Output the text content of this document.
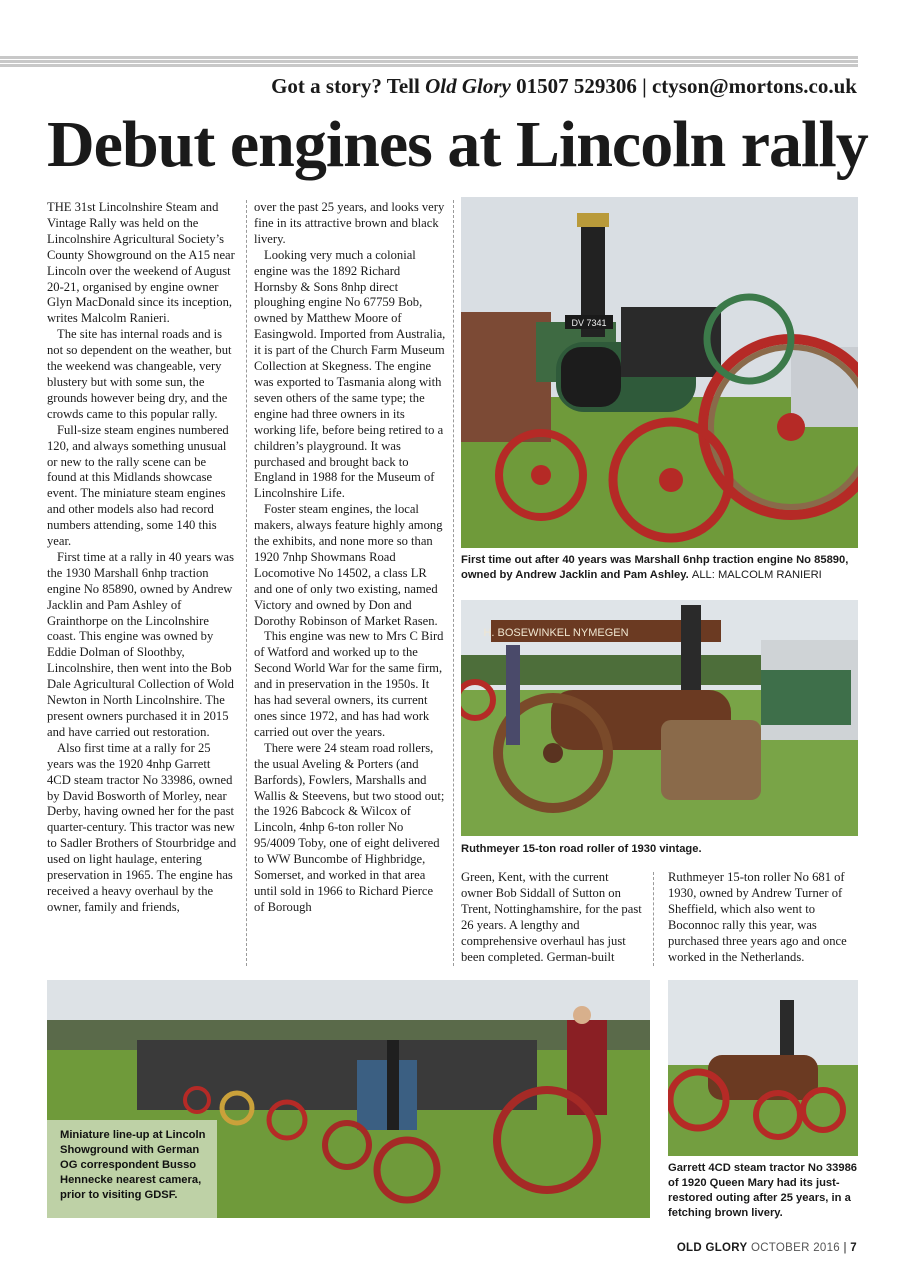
Got a story? Tell Old Glory 01507 529306 | ctyson@mortons.co.uk
Debut engines at Lincoln rally

THE 31st Lincolnshire Steam and Vintage Rally was held on the Lincolnshire Agricultural Society’s County Showground on the A15 near Lincoln over the weekend of August 20-21, organised by engine owner Glyn MacDonald since its inception, writes Malcolm Ranieri.

The site has internal roads and is not so dependent on the weather, but the weekend was changeable, very blustery but with some sun, the grounds however being dry, and the crowds came to this popular rally.

Full-size steam engines numbered 120, and always something unusual or new to the rally scene can be found at this Midlands showcase event. The miniature steam engines and other models also had record numbers attending, some 140 this year.

First time at a rally in 40 years was the 1930 Marshall 6nhp traction engine No 85890, owned by Andrew Jacklin and Pam Ashley of Grainthorpe on the Lincolnshire coast. This engine was owned by Eddie Dolman of Sloothby, Lincolnshire, then went into the Bob Dale Agricultural Collection of Wold Newton in North Lincolnshire. The present owners purchased it in 2015 and have carried out restoration.

Also first time at a rally for 25 years was the 1920 4nhp Garrett 4CD steam tractor No 33986, owned by David Bosworth of Morley, near Derby, having owned her for the past quarter-century. This tractor was new to Sadler Brothers of Stourbridge and used on light haulage, entering preservation in 1965. The engine has received a heavy overhaul by the owner, family and friends,

over the past 25 years, and looks very fine in its attractive brown and black livery.

Looking very much a colonial engine was the 1892 Richard Hornsby & Sons 8nhp direct ploughing engine No 67759 Bob, owned by Matthew Moore of Easingwold. Imported from Australia, it is part of the Church Farm Museum Collection at Skegness. The engine was exported to Tasmania along with seven others of the same type; the engine had three owners in its working life, before being retired to a children’s playground. It was purchased and brought back to England in 1988 for the Museum of Lincolnshire Life.

Foster steam engines, the local makers, always feature highly among the exhibits, and none more so than 1920 7nhp Showmans Road Locomotive No 14502, a class LR and one of only two existing, named Victory and owned by Don and Dorothy Robinson of Market Rasen.

This engine was new to Mrs C Bird of Watford and worked up to the Second World War for the same firm, and in preservation in the 1950s. It has had several owners, its current ones since 1972, and has had work carried out over the years.

There were 24 steam road rollers, the usual Aveling & Porters (and Barfords), Fowlers, Marshalls and Wallis & Steevens, but two stood out; the 1926 Babcock & Wilcox of Lincoln, 4nhp 6-ton roller No 95/4009 Toby, one of eight delivered to WW Buncombe of Highbridge, Somerset, and worked in that area until sold in 1966 to Richard Pierce of Borough

DV 7341
First time out after 40 years was Marshall 6nhp traction engine No 85890, owned by Andrew Jacklin and Pam Ashley. ALL: MALCOLM RANIERI
H. BOSEWINKEL NYMEGEN
Ruthmeyer 15-ton road roller of 1930 vintage.

Green, Kent, with the current owner Bob Siddall of Sutton on Trent, Nottinghamshire, for the past 26 years. A lengthy and comprehensive overhaul has just been completed. German-built

Ruthmeyer 15-ton roller No 681 of 1930, owned by Andrew Turner of Sheffield, which also went to Boconnoc rally this year, was purchased three years ago and once worked in the Netherlands.

Miniature line-up at Lincoln Showground with German OG correspondent Busso Hennecke nearest camera, prior to visiting GDSF.
Garrett 4CD steam tractor No 33986 of 1920 Queen Mary had its just-restored outing after 25 years, in a fetching brown livery.
OLD GLORY OCTOBER 2016 | 7
